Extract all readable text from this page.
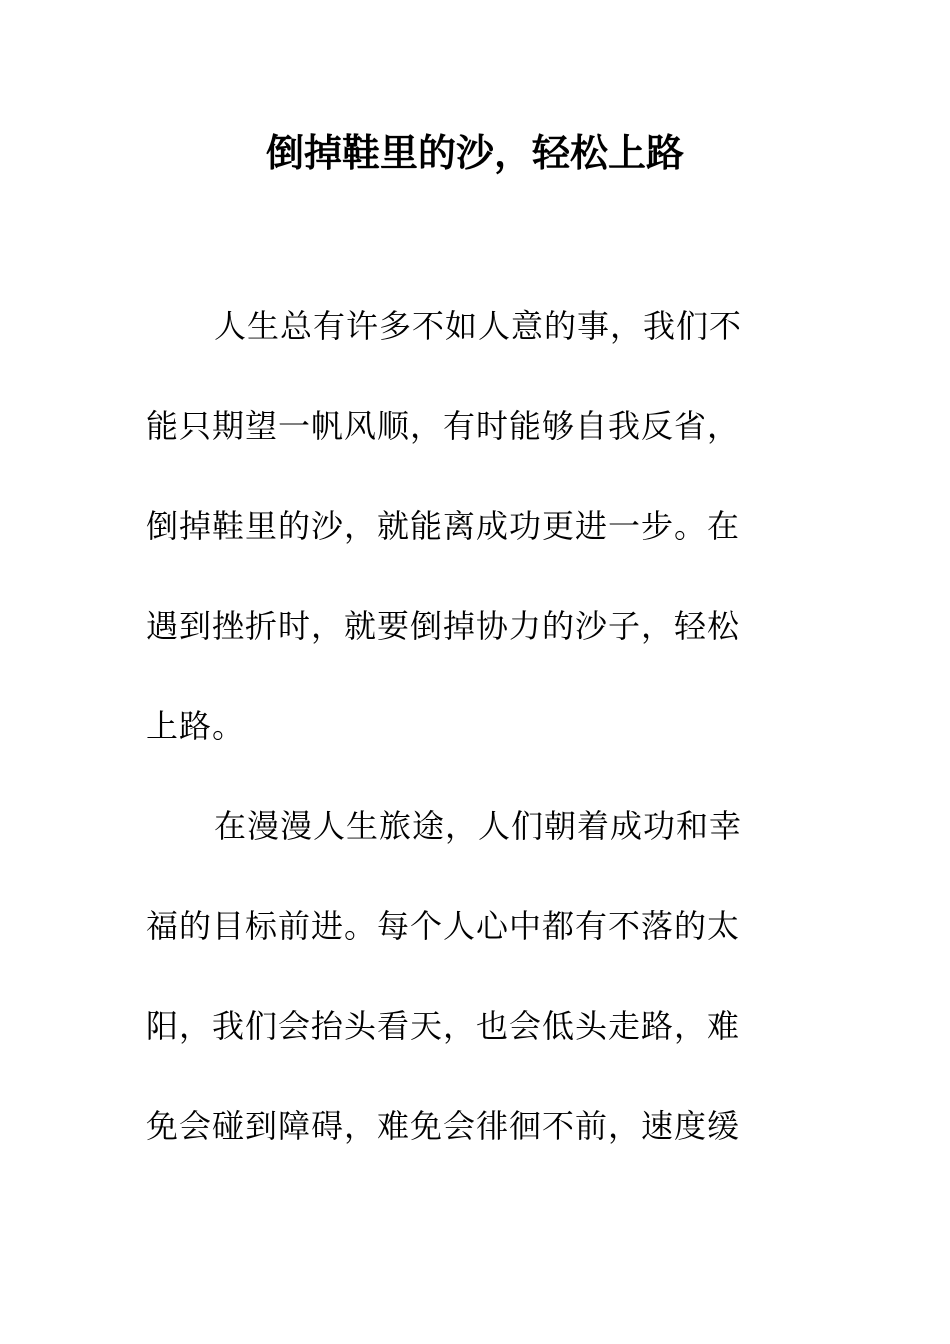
倒掉鞋里的沙，轻松上路
人生总有许多不如人意的事，我们不
能只期望一帆风顺，有时能够自我反省，
倒掉鞋里的沙，就能离成功更进一步。在
遇到挫折时，就要倒掉协力的沙子，轻松
上路。
在漫漫人生旅途，人们朝着成功和幸
福的目标前进。每个人心中都有不落的太
阳，我们会抬头看天，也会低头走路，难
免会碰到障碍，难免会徘徊不前，速度缓
